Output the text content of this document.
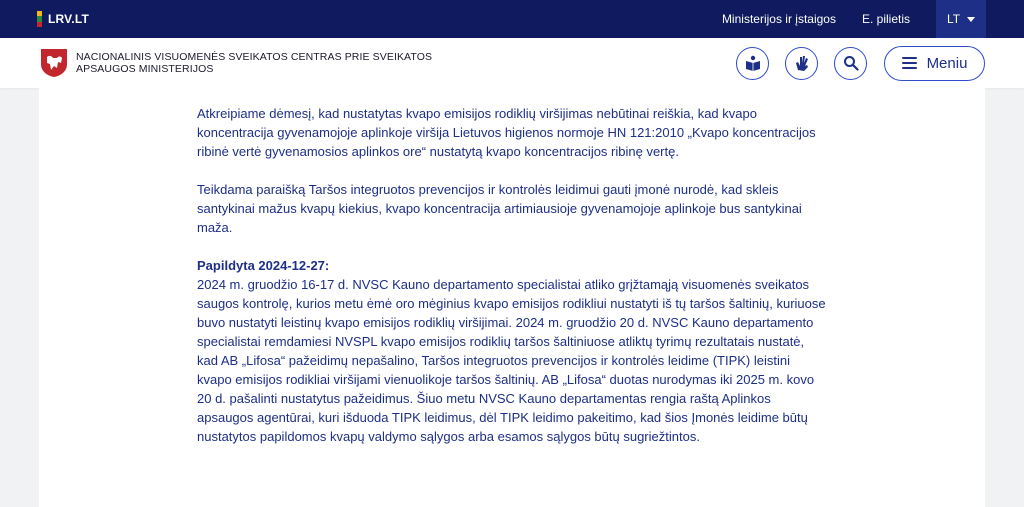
LRV.LT	Ministerijos ir įstaigos E. pilietis	LT
NACIONALINIS VISUOMENĖS SVEIKATOS CENTRAS PRIE SVEIKATOS
APSAUGOS MINISTERIJOS	Meniu

Atkreipiame dėmesį, kad nustatytas kvapo emisijos rodiklių viršijimas nebūtinai reiškia, kad kvapo koncentracija gyvenamojoje aplinkoje viršija Lietuvos higienos normoje HN 121:2010 „Kvapo koncentracijos ribinė vertė gyvenamosios aplinkos ore“ nustatytą kvapo koncentracijos ribinę vertę.

Teikdama paraišką Taršos integruotos prevencijos ir kontrolės leidimui gauti įmonė nurodė, kad skleis santykinai mažus kvapų kiekius, kvapo koncentracija artimiausioje gyvenamojoje aplinkoje bus santykinai maža.

Papildyta 2024-12-27:
2024 m. gruodžio 16-17 d. NVSC Kauno departamento specialistai atliko grįžtamąją visuomenės sveikatos saugos kontrolę, kurios metu ėmė oro mėginius kvapo emisijos rodikliui nustatyti iš tų taršos šaltinių, kuriuose buvo nustatyti leistinų kvapo emisijos rodiklių viršijimai. 2024 m. gruodžio 20 d. NVSC Kauno departamento specialistai remdamiesi NVSPL kvapo emisijos rodiklių taršos šaltiniuose atliktų tyrimų rezultatais nustatė, kad AB „Lifosa“ pažeidimų nepašalino, Taršos integruotos prevencijos ir kontrolės leidime (TIPK) leistini kvapo emisijos rodikliai viršijami vienuolikoje taršos šaltinių. AB „Lifosa“ duotas nurodymas iki 2025 m. kovo 20 d. pašalinti nustatytus pažeidimus. Šiuo metu NVSC Kauno departamentas rengia raštą Aplinkos apsaugos agentūrai, kuri išduoda TIPK leidimus, dėl TIPK leidimo pakeitimo, kad šios Įmonės leidime būtų nustatytos papildomos kvapų valdymo sąlygos arba esamos sąlygos būtų sugriežtintos.
